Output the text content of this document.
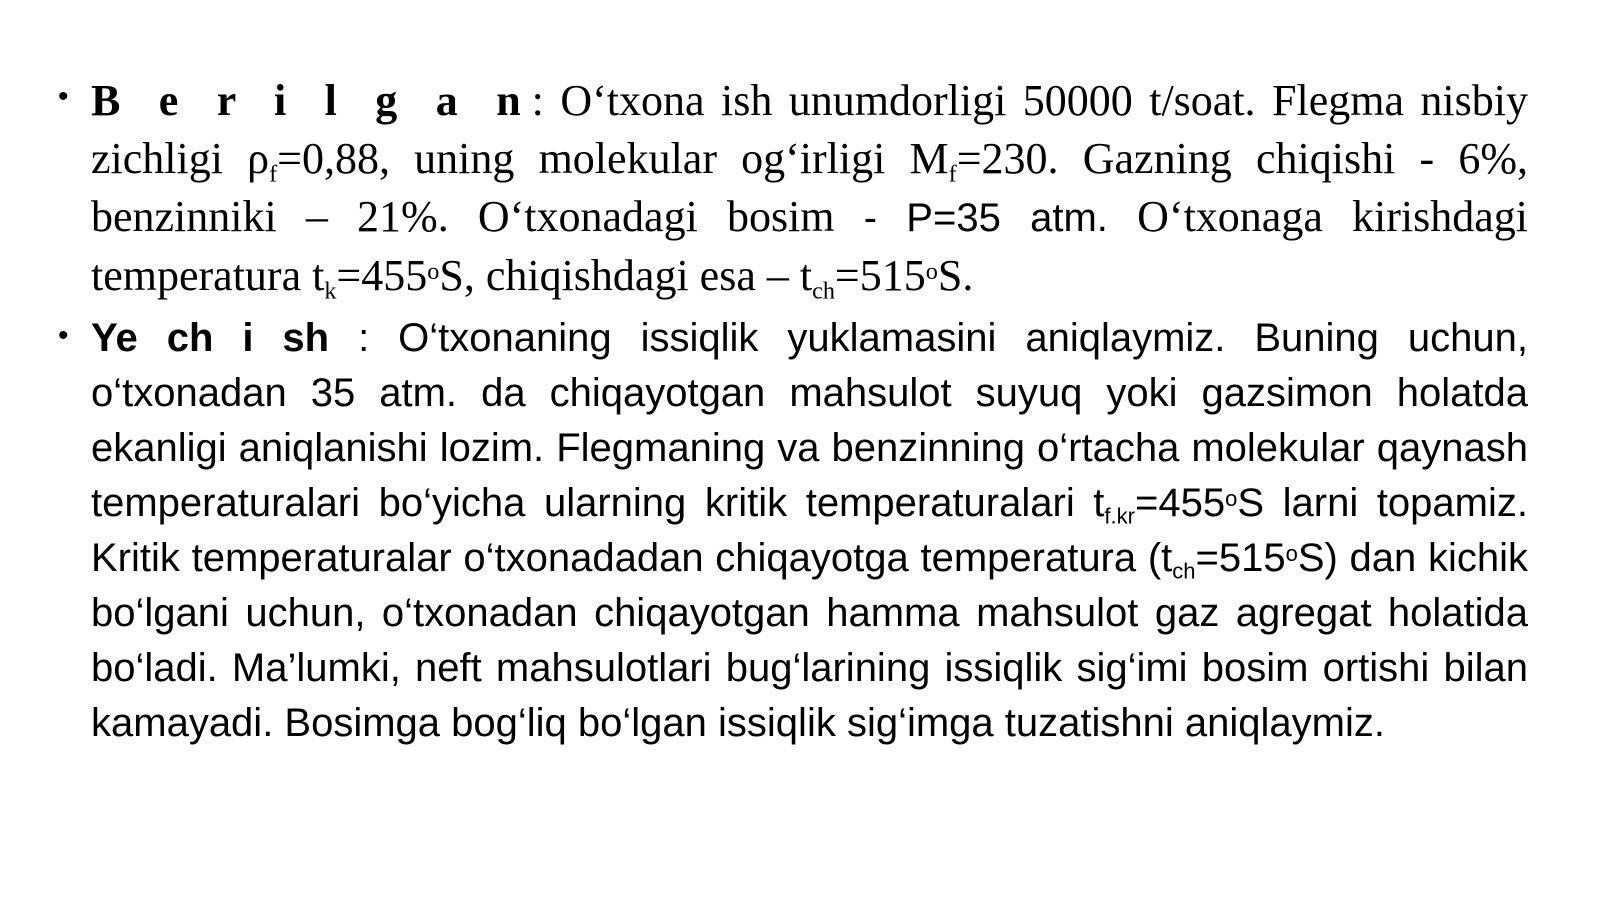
• B e r i l g a n: O‘txona ish unumdorligi 50000 t/soat. Flegma nisbiy zichligi $\rho_f=0,88$, uning molekular og‘irligi $M_f=230$. Gazning chiqishi - 6%, benzinniki – 21%. O‘txonadagi bosim - P=35 atm. O‘txonaga kirishdagi temperatura $t_k=455^oS$, chiqishdagi esa – $t_{ch}=515^oS$.
• Ye ch i sh : O‘txonaning issiqlik yuklamasini aniqlaymiz. Buning uchun, o‘txonadan 35 atm. da chiqayotgan mahsulot suyuq yoki gazsimon holatda ekanligi aniqlanishi lozim. Flegmaning va benzinning o‘rtacha molekular qaynash temperaturalari bo‘yicha ularning kritik temperaturalari $t_{f.kr}=455^oS$ larni topamiz. Kritik temperaturalar o‘txonadadan chiqayotga temperatura $(t_{ch}=515^oS)$ dan kichik bo‘lgani uchun, o‘txonadan chiqayotgan hamma mahsulot gaz agregat holatida bo‘ladi. Ma’lumki, neft mahsulotlari bug‘larining issiqlik sig‘imi bosim ortishi bilan kamayadi. Bosimga bog‘liq bo‘lgan issiqlik sig‘imga tuzatishni aniqlaymiz.
